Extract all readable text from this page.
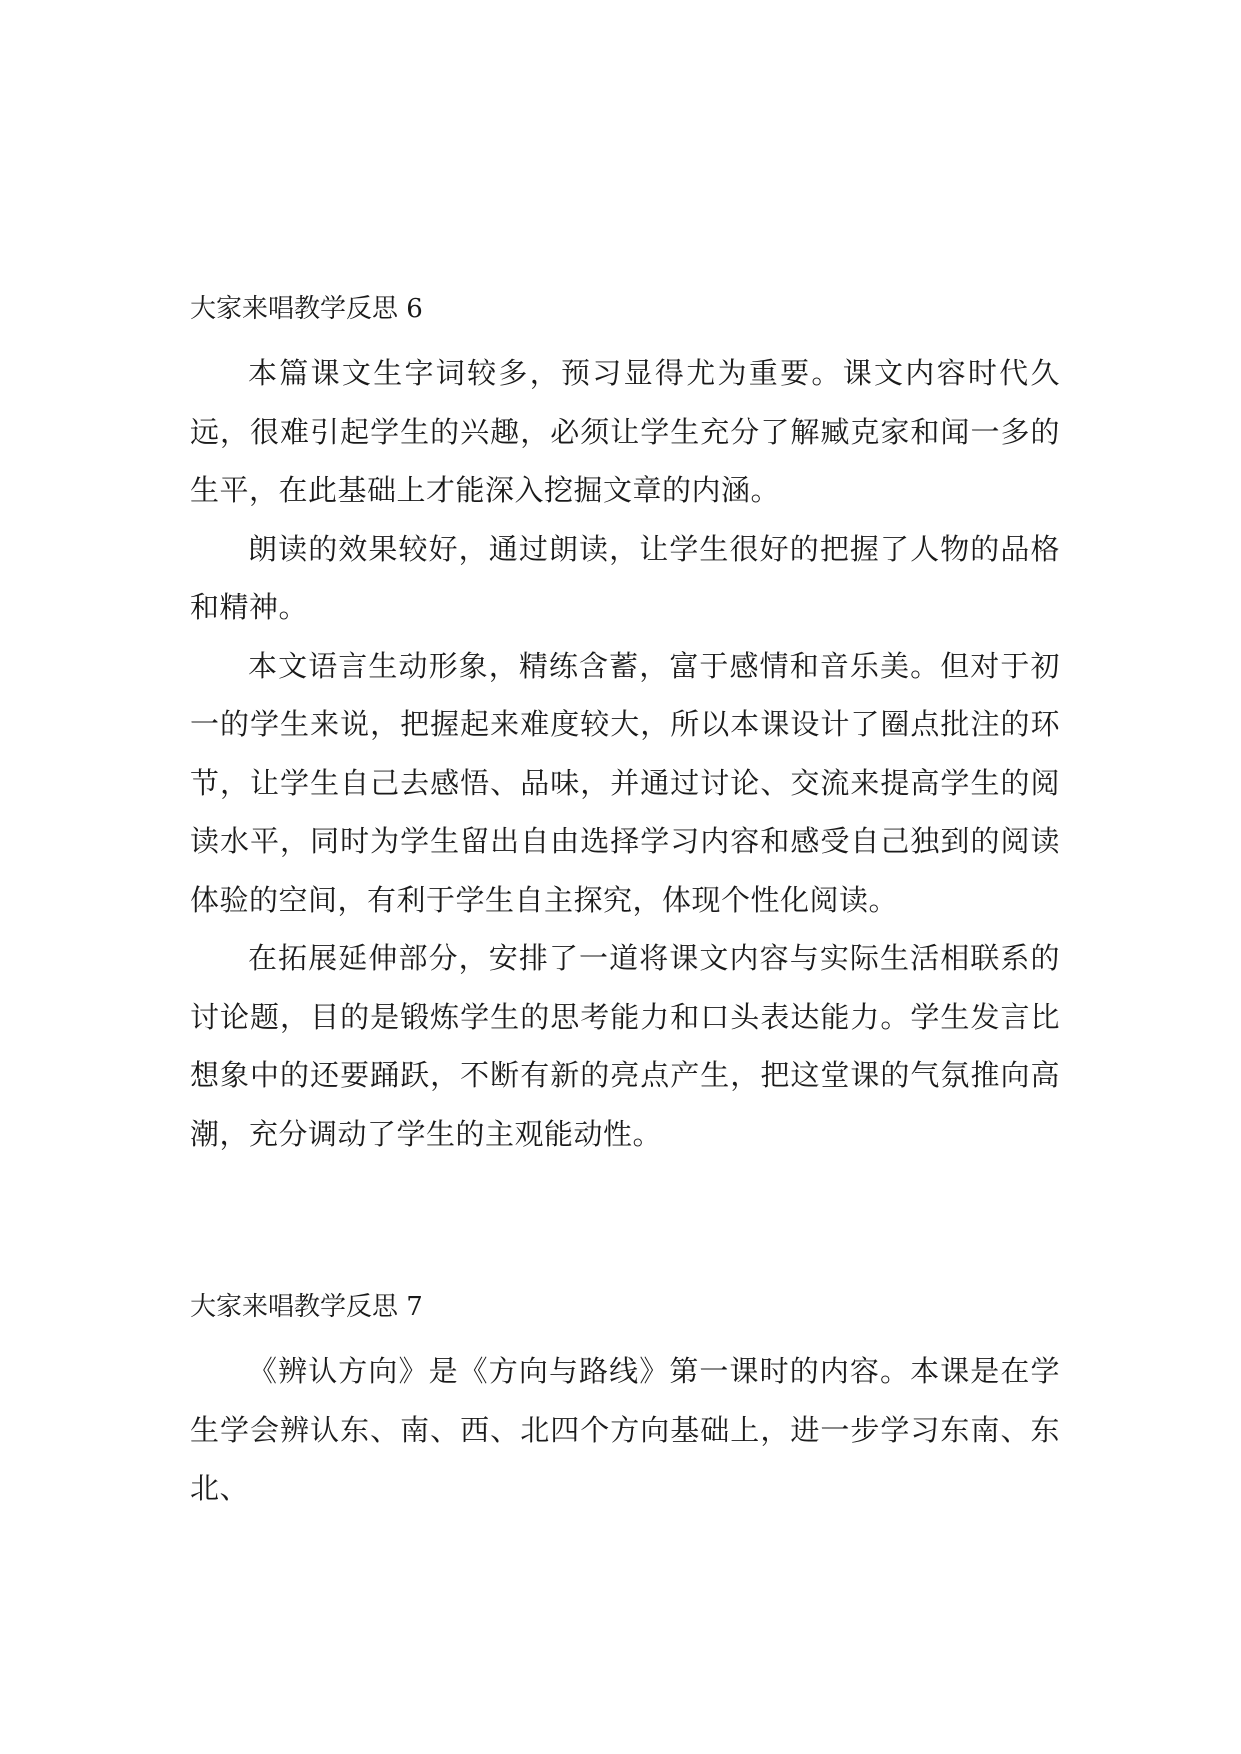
大家来唱教学反思 6

本篇课文生字词较多，预习显得尤为重要。课文内容时代久远，很难引起学生的兴趣，必须让学生充分了解臧克家和闻一多的生平，在此基础上才能深入挖掘文章的内涵。

朗读的效果较好，通过朗读，让学生很好的把握了人物的品格和精神。

本文语言生动形象，精练含蓄，富于感情和音乐美。但对于初一的学生来说，把握起来难度较大，所以本课设计了圈点批注的环节，让学生自己去感悟、品味，并通过讨论、交流来提高学生的阅读水平，同时为学生留出自由选择学习内容和感受自己独到的阅读体验的空间，有利于学生自主探究，体现个性化阅读。

在拓展延伸部分，安排了一道将课文内容与实际生活相联系的讨论题，目的是锻炼学生的思考能力和口头表达能力。学生发言比想象中的还要踊跃，不断有新的亮点产生，把这堂课的气氛推向高潮，充分调动了学生的主观能动性。

大家来唱教学反思 7

《辨认方向》是《方向与路线》第一课时的内容。本课是在学生学会辨认东、南、西、北四个方向基础上，进一步学习东南、东北、
